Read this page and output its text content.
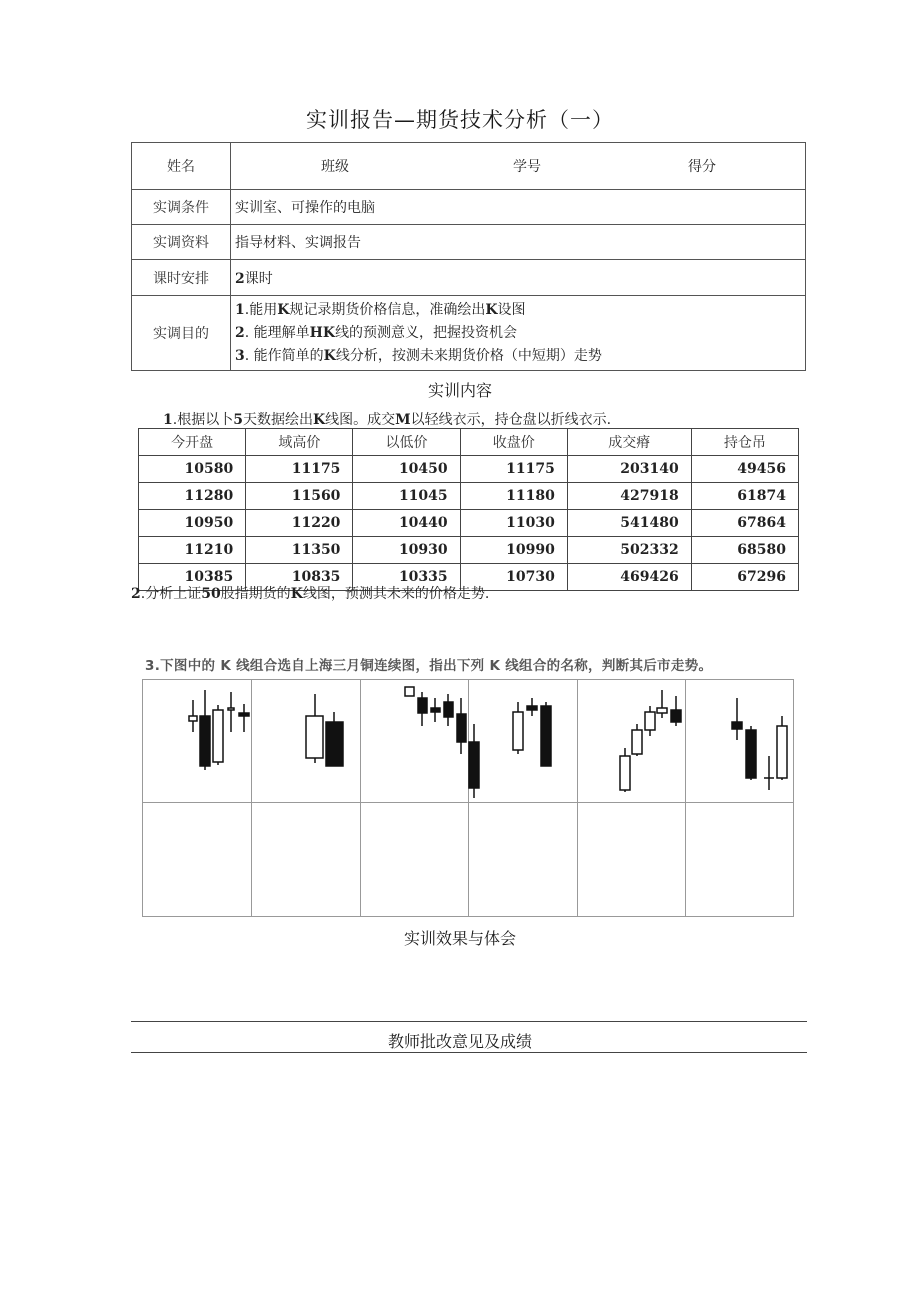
实训报告—期货技术分析（一）
姓名	班级 学号 得分

实调条件	实训室、可操作的电脑
实调资料	指导材料、实调报告
课时安排	2课时
实调目的	1.能用K规记录期货价格信息，准确绘出K设图
2. 能理解单HK线的预测意义，把握投资机会
3. 能作简单的K线分析，按测未来期货价格（中短期）走势
实训内容
1.根据以卜5天数据绘出K线图。成交M以轻线衣示，持仓盘以折线衣示.
今开盘	域高价	以低价	收盘价	成交瘠	持仓吊
10580	11175	10450	11175	203140	49456
11280	11560	11045	11180	427918	61874
10950	11220	10440	11030	541480	67864
11210	11350	10930	10990	502332	68580
10385	10835	10335	10730	469426	67296
2.分析上证50股指期货的K线图，预测其未来的价格走势.
3.下图中的 K 线组合选自上海三月铜连续图，指出下列 K 线组合的名称，判断其后市走势。
实训效果与体会
教师批改意见及成绩
